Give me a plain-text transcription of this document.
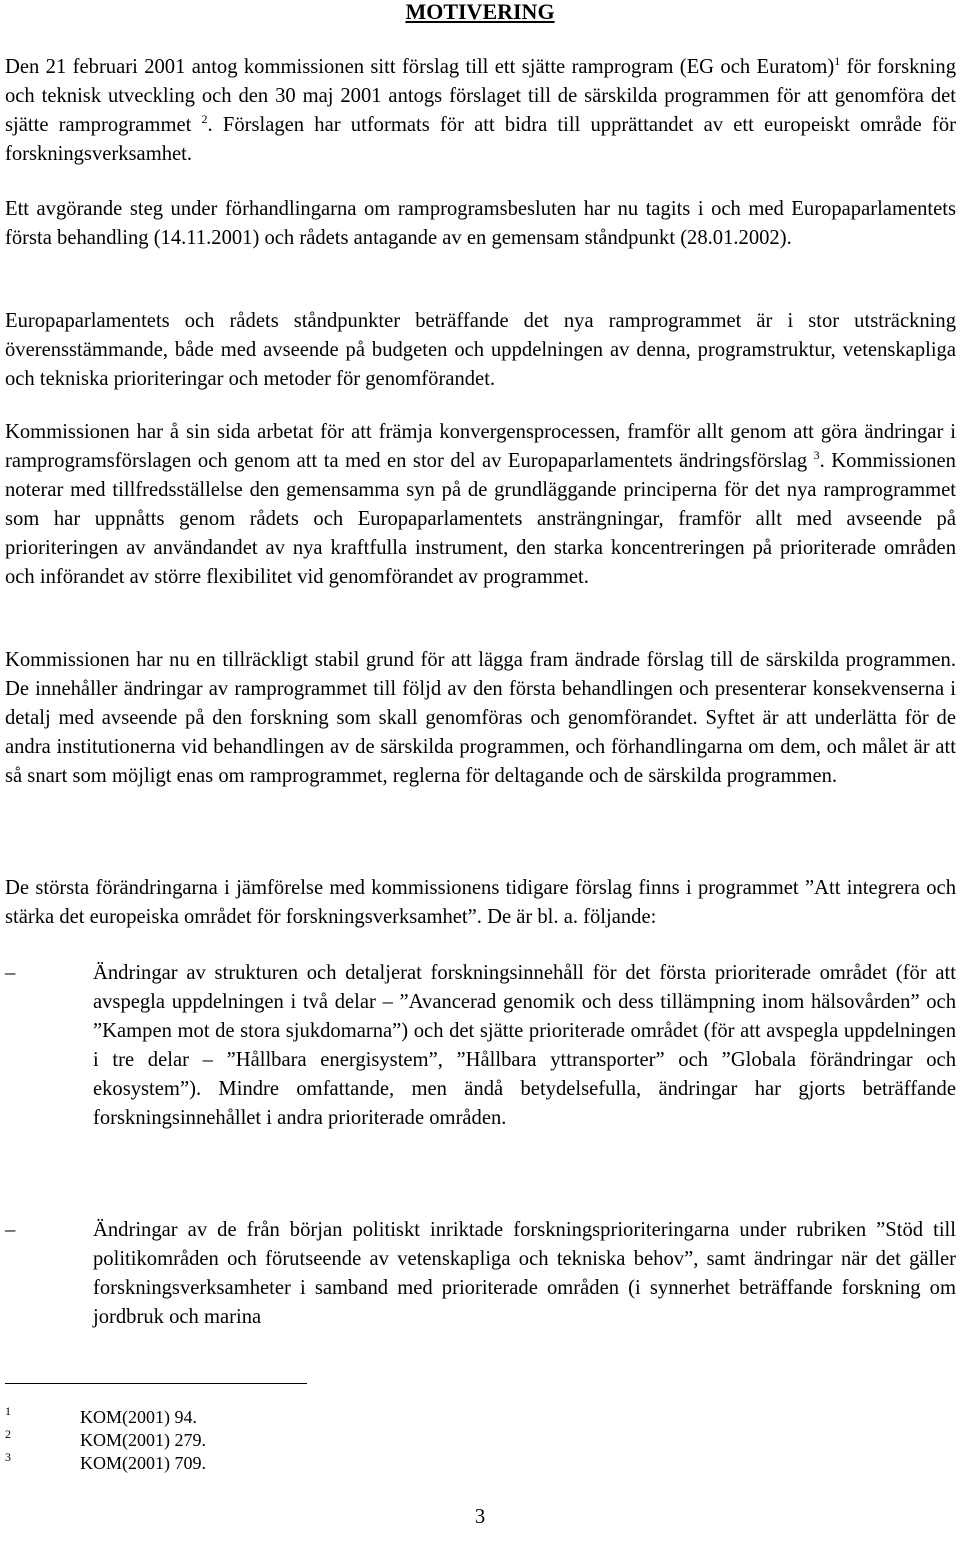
MOTIVERING

Den 21 februari 2001 antog kommissionen sitt förslag till ett sjätte ramprogram (EG och Euratom)$^1$ för forskning och teknisk utveckling och den 30 maj 2001 antogs förslaget till de särskilda programmen för att genomföra det sjätte ramprogrammet $^2$. Förslagen har utformats för att bidra till upprättandet av ett europeiskt område för forskningsverksamhet.

Ett avgörande steg under förhandlingarna om ramprogramsbesluten har nu tagits i och med Europaparlamentets första behandling (14.11.2001) och rådets antagande av en gemensam ståndpunkt (28.01.2002).

Europaparlamentets och rådets ståndpunkter beträffande det nya ramprogrammet är i stor utsträckning överensstämmande, både med avseende på budgeten och uppdelningen av denna, programstruktur, vetenskapliga och tekniska prioriteringar och metoder för genomförandet.

Kommissionen har å sin sida arbetat för att främja konvergensprocessen, framför allt genom att göra ändringar i ramprogramsförslagen och genom att ta med en stor del av Europaparlamentets ändringsförslag $^3$. Kommissionen noterar med tillfredsställelse den gemensamma syn på de grundläggande principerna för det nya ramprogrammet som har uppnåtts genom rådets och Europaparlamentets ansträngningar, framför allt med avseende på prioriteringen av användandet av nya kraftfulla instrument, den starka koncentreringen på prioriterade områden och införandet av större flexibilitet vid genomförandet av programmet.

Kommissionen har nu en tillräckligt stabil grund för att lägga fram ändrade förslag till de särskilda programmen. De innehåller ändringar av ramprogrammet till följd av den första behandlingen och presenterar konsekvenserna i detalj med avseende på den forskning som skall genomföras och genomförandet. Syftet är att underlätta för de andra institutionerna vid behandlingen av de särskilda programmen, och förhandlingarna om dem, och målet är att så snart som möjligt enas om ramprogrammet, reglerna för deltagande och de särskilda programmen.

De största förändringarna i jämförelse med kommissionens tidigare förslag finns i programmet ”Att integrera och stärka det europeiska området för forskningsverksamhet”. De är bl. a. följande:

–	Ändringar av strukturen och detaljerat forskningsinnehåll för det första prioriterade området (för att avspegla uppdelningen i två delar – ”Avancerad genomik och dess tillämpning inom hälsovården” och ”Kampen mot de stora sjukdomarna”) och det sjätte prioriterade området (för att avspegla uppdelningen i tre delar – ”Hållbara energisystem”, ”Hållbara yttransporter” och ”Globala förändringar och ekosystem”). Mindre omfattande, men ändå betydelsefulla, ändringar har gjorts beträffande forskningsinnehållet i andra prioriterade områden.
–	Ändringar av de från början politiskt inriktade forskningsprioriteringarna under rubriken ”Stöd till politikområden och förutseende av vetenskapliga och tekniska behov”, samt ändringar när det gäller forskningsverksamheter i samband med prioriterade områden (i synnerhet beträffande forskning om jordbruk och marina
1	KOM(2001) 94.
2	KOM(2001) 279.
3	KOM(2001) 709.
3
